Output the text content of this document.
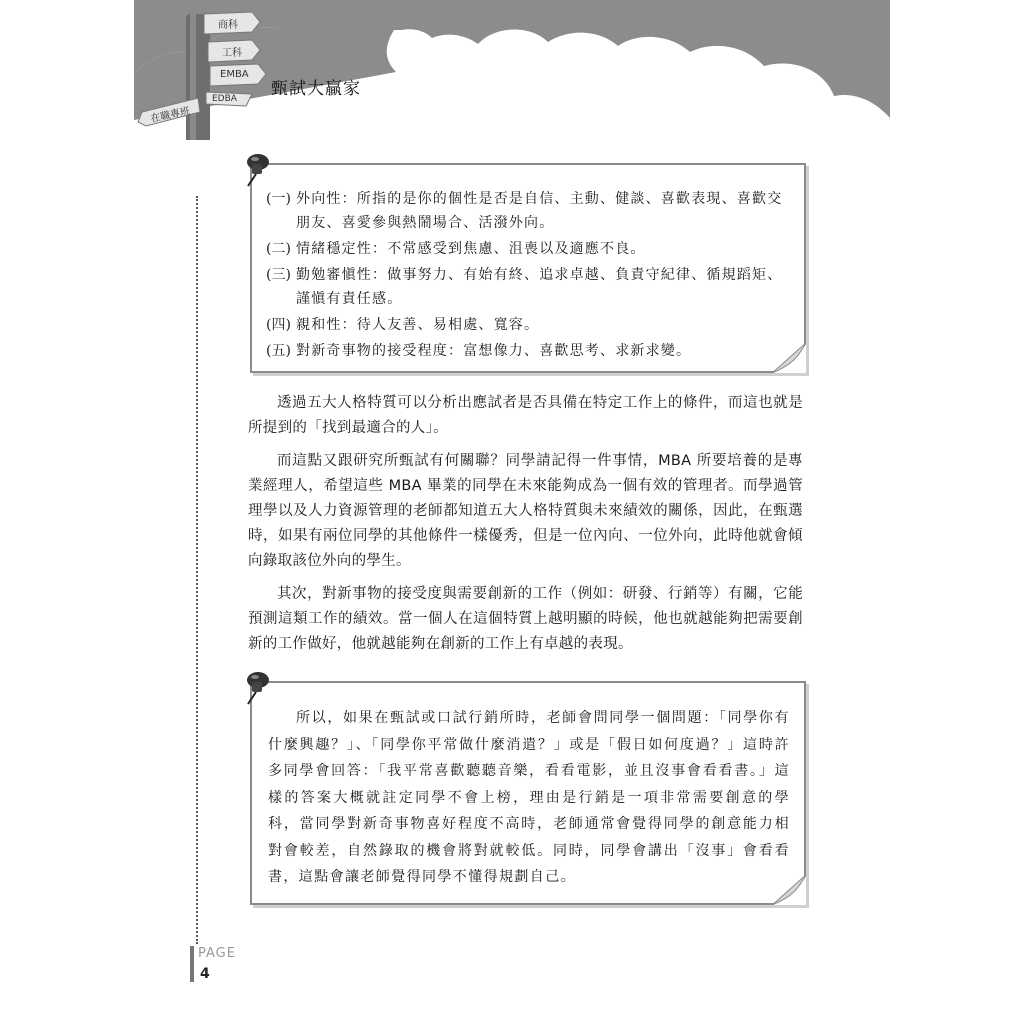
商科
工科
EMBA
EDBA
在職專班
甄試大贏家
(一) 外向性：所指的是你的個性是否是自信、主動、健談、喜歡表現、喜歡交朋友、喜愛參與熱鬧場合、活潑外向。
(二) 情緒穩定性：不常感受到焦慮、沮喪以及適應不良。
(三) 勤勉審愼性：做事努力、有始有終、追求卓越、負責守紀律、循規蹈矩、謹愼有責任感。
(四) 親和性：待人友善、易相處、寬容。
(五) 對新奇事物的接受程度：富想像力、喜歡思考、求新求變。

透過五大人格特質可以分析出應試者是否具備在特定工作上的條件，而這也就是所提到的「找到最適合的人」。

而這點又跟研究所甄試有何關聯？同學請記得一件事情，MBA 所要培養的是專業經理人，希望這些 MBA 畢業的同學在未來能夠成為一個有效的管理者。而學過管理學以及人力資源管理的老師都知道五大人格特質與未來績效的關係，因此，在甄選時，如果有兩位同學的其他條件一樣優秀，但是一位內向、一位外向，此時他就會傾向錄取該位外向的學生。

其次，對新事物的接受度與需要創新的工作（例如：研發、行銷等）有關，它能預測這類工作的績效。當一個人在這個特質上越明顯的時候，他也就越能夠把需要創新的工作做好，他就越能夠在創新的工作上有卓越的表現。

所以，如果在甄試或口試行銷所時，老師會問同學一個問題：「同學你有什麼興趣？」、「同學你平常做什麼消遣？」或是「假日如何度過？」這時許多同學會回答：「我平常喜歡聽聽音樂，看看電影，並且沒事會看看書。」這樣的答案大概就註定同學不會上榜，理由是行銷是一項非常需要創意的學科，當同學對新奇事物喜好程度不高時，老師通常會覺得同學的創意能力相對會較差，自然錄取的機會將對就較低。同時，同學會講出「沒事」會看看書，這點會讓老師覺得同學不懂得規劃自己。
PAGE
4
